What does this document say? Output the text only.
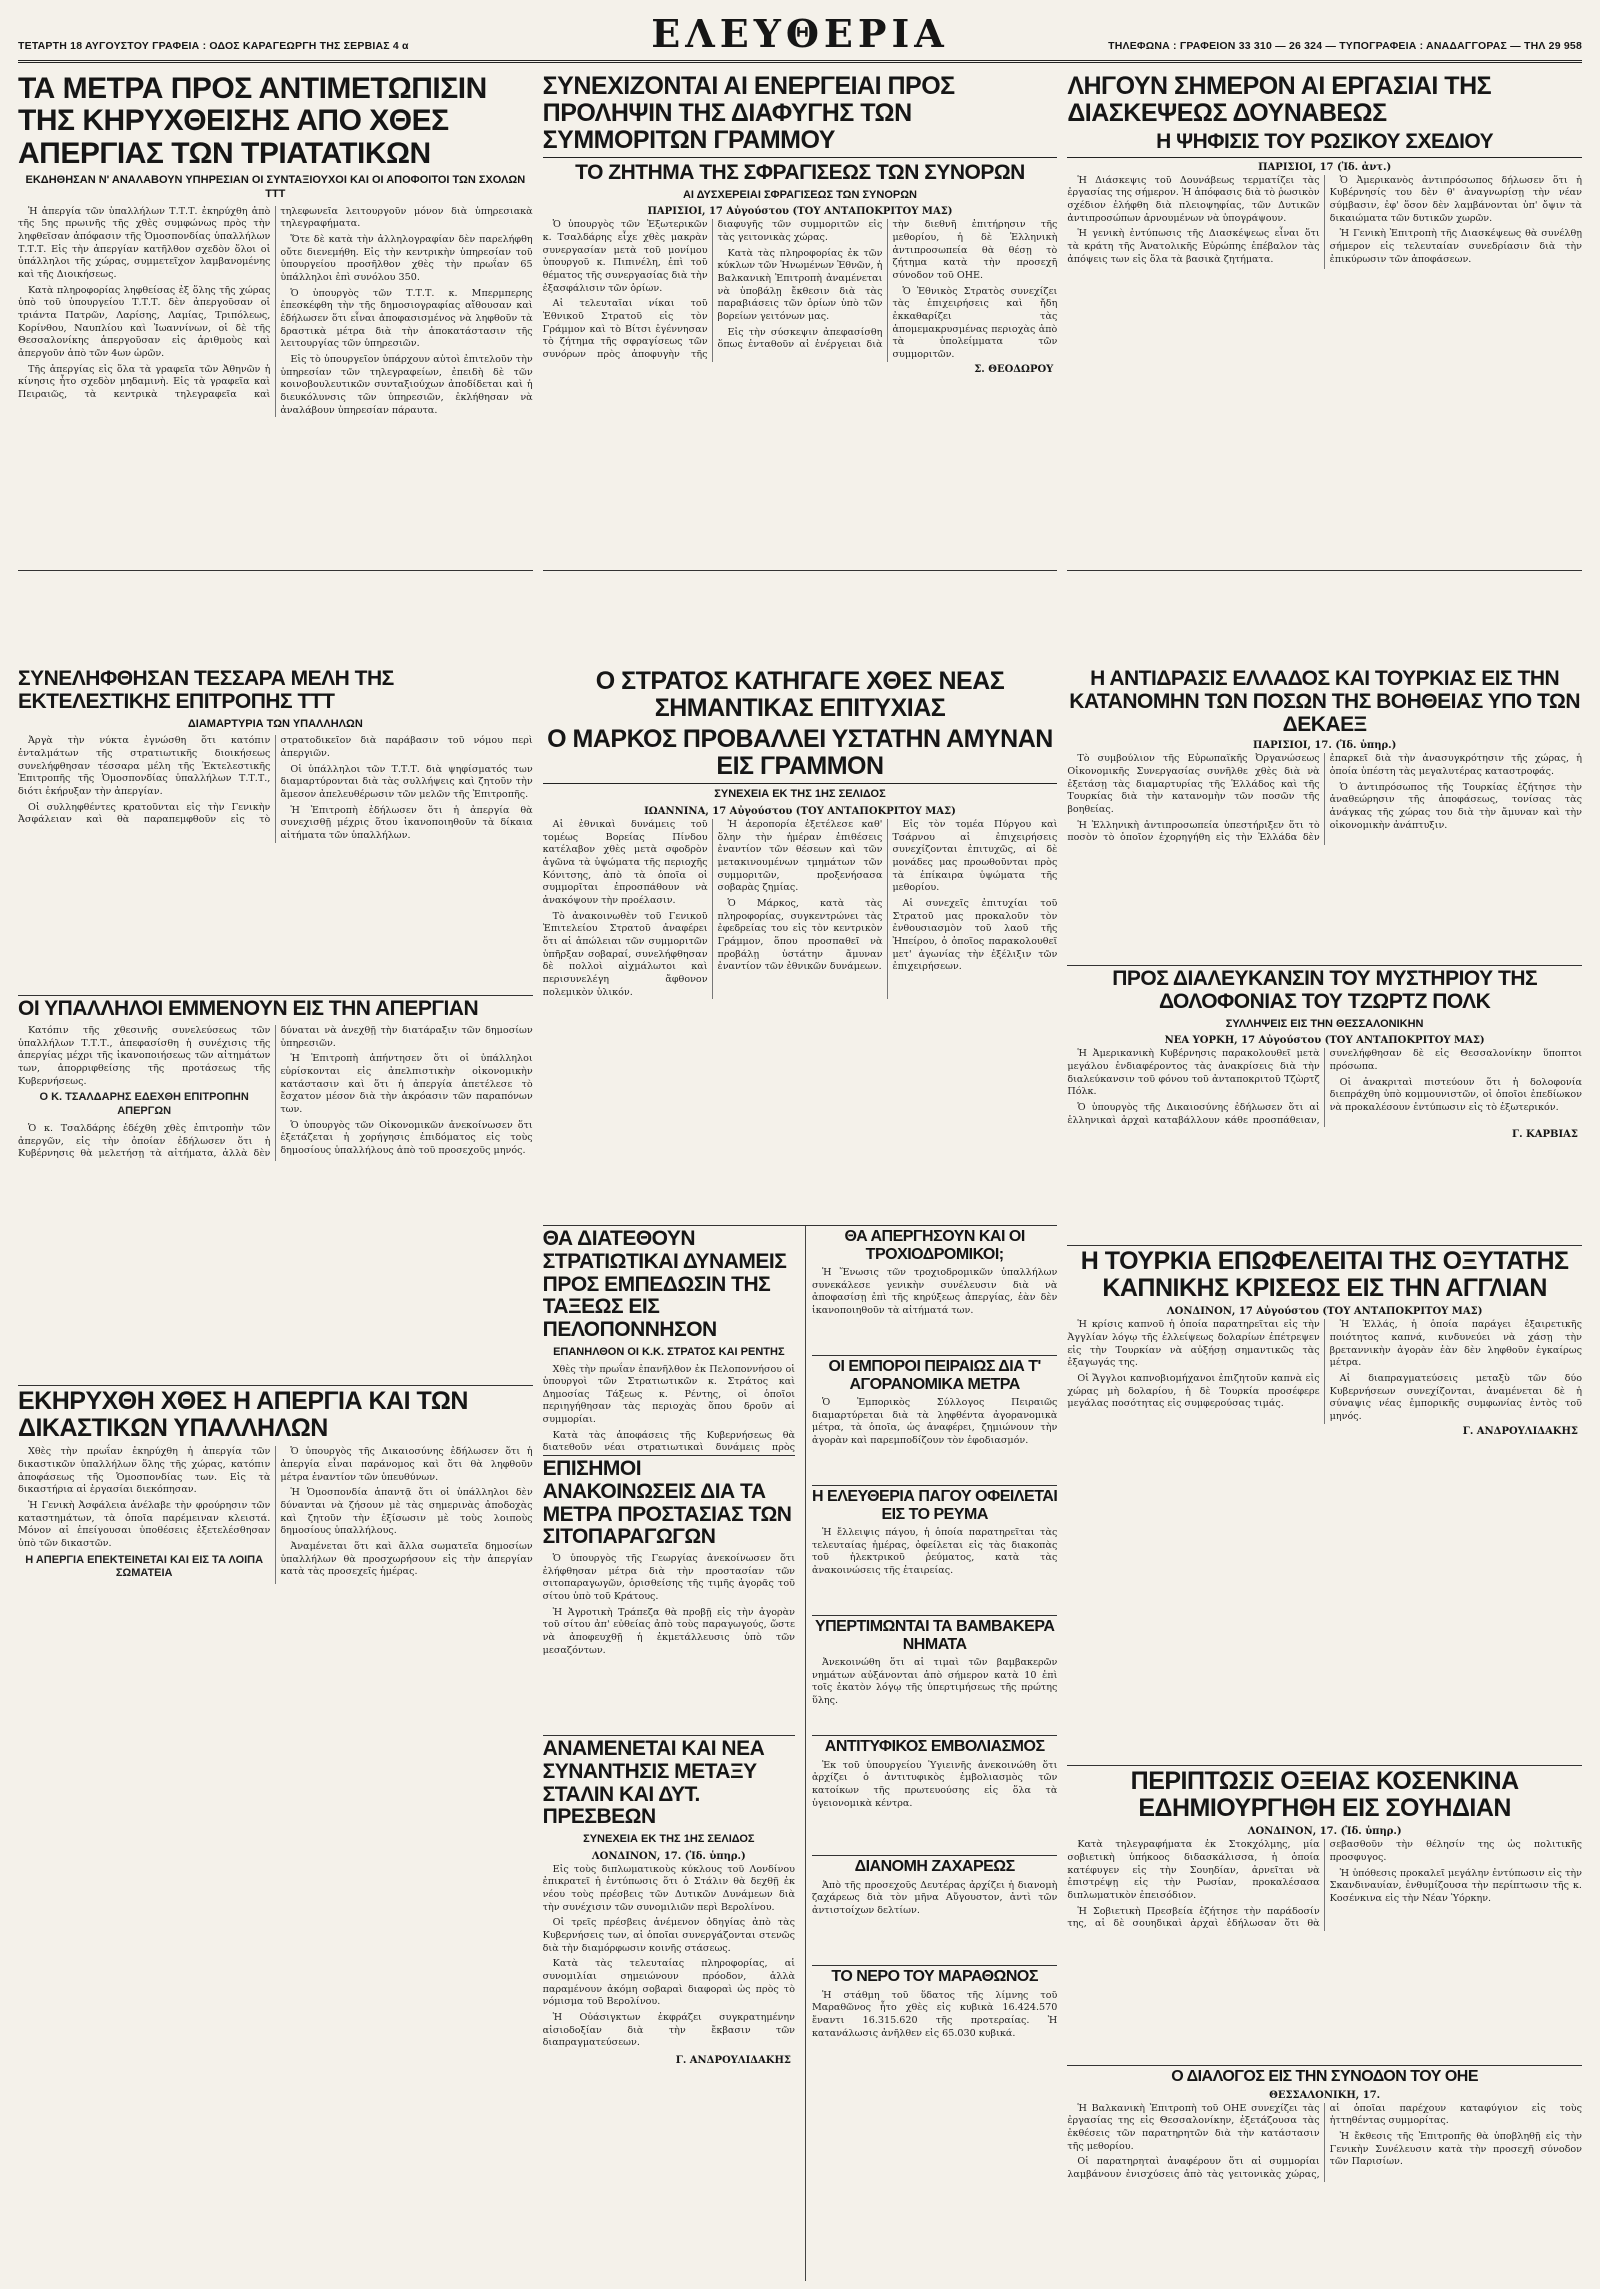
ΤΕΤΑΡΤΗ 18 ΑΥΓΟΥΣΤΟΥ ΓΡΑΦΕΙΑ : ΟΔΟΣ ΚΑΡΑΓΕΩΡΓΗ ΤΗΣ ΣΕΡΒΙΑΣ 4 α	ΕΛΕΥΘΕΡΙΑ	ΤΗΛΕΦΩΝΑ : ΓΡΑΦΕΙΟΝ 33 310 — 26 324 — ΤΥΠΟΓΡΑΦΕΙΑ : ΑΝΑΔΑΓΓΟΡΑΣ — ΤΗΛ 29 958
ΤΑ ΜΕΤΡΑ ΠΡΟΣ ΑΝΤΙΜΕΤΩΠΙΣΙΝ ΤΗΣ ΚΗΡΥΧΘΕΙΣΗΣ ΑΠΟ ΧΘΕΣ ΑΠΕΡΓΙΑΣ ΤΩΝ ΤΡΙΑΤΑΤΙΚΩΝ
ΕΚΔΗΘΗΣΑΝ Ν' ΑΝΑΛΑΒΟΥΝ ΥΠΗΡΕΣΙΑΝ ΟΙ ΣΥΝΤΑΞΙΟΥΧΟΙ ΚΑΙ ΟΙ ΑΠΟΦΟΙΤΟΙ ΤΩΝ ΣΧΟΛΩΝ ΤΤΤ

Ἡ ἀπεργία τῶν ὑπαλλήλων Τ.Τ.Τ. ἐκηρύχθη ἀπὸ τῆς 5ης πρωινῆς τῆς χθὲς συμφώνως πρὸς τὴν ληφθεῖσαν ἀπόφασιν τῆς Ὁμοσπονδίας ὑπαλλήλων Τ.Τ.Τ. Εἰς τὴν ἀπεργίαν κατῆλθον σχεδὸν ὅλοι οἱ ὑπάλληλοι τῆς χώρας, συμμετεῖχον λαμβανομένης καὶ τῆς Διοικήσεως.

Κατὰ πληροφορίας ληφθείσας ἐξ ὅλης τῆς χώρας ὑπὸ τοῦ ὑπουργείου Τ.Τ.Τ. δὲν ἀπεργοῦσαν οἱ τριάντα Πατρῶν, Λαρίσης, Λαμίας, Τριπόλεως, Κορίνθου, Ναυπλίου καὶ Ἰωαννίνων, οἱ δὲ τῆς Θεσσαλονίκης ἀπεργοῦσαν εἰς ἀριθμοὺς καὶ ἀπεργοῦν ἀπὸ τῶν 4ων ὡρῶν.

Τῆς ἀπεργίας εἰς ὅλα τὰ γραφεῖα τῶν Ἀθηνῶν ἡ κίνησις ἦτο σχεδὸν μηδαμινὴ. Εἰς τὰ γραφεῖα καὶ Πειραιῶς, τὰ κεντρικὰ τηλεγραφεῖα καὶ τηλεφωνεῖα λειτουργοῦν μόνον διὰ ὑπηρεσιακὰ τηλεγραφήματα.

Ὅτε δὲ κατὰ τὴν ἀλληλογραφίαν δὲν παρελήφθη οὔτε διενεμήθη. Εἰς τὴν κεντρικὴν ὑπηρεσίαν τοῦ ὑπουργείου προσῆλθον χθὲς τὴν πρωΐαν 65 ὑπάλληλοι ἐπὶ συνόλου 350.

Ὁ ὑπουργὸς τῶν Τ.Τ.Τ. κ. Μπερμπερης ἐπεσκέφθη τὴν τῆς δημοσιογραφίας αἴθουσαν καὶ ἐδήλωσεν ὅτι εἶναι ἀποφασισμένος νὰ ληφθοῦν τὰ δραστικὰ μέτρα διὰ τὴν ἀποκατάστασιν τῆς λειτουργίας τῶν ὑπηρεσιῶν.

Εἰς τὸ ὑπουργεῖον ὑπάρχουν αὐτοὶ ἐπιτελοῦν τὴν ὑπηρεσίαν τῶν τηλεγραφείων, ἐπειδὴ δὲ τῶν κοινοβουλευτικῶν συνταξιούχων ἀποδίδεται καὶ ἡ διευκόλυνσις τῶν ὑπηρεσιῶν, ἐκλήθησαν νὰ ἀναλάβουν ὑπηρεσίαν πάραυτα.

ΣΥΝΕΧΙΖΟΝΤΑΙ ΑΙ ΕΝΕΡΓΕΙΑΙ ΠΡΟΣ ΠΡΟΛΗΨΙΝ ΤΗΣ ΔΙΑΦΥΓΗΣ ΤΩΝ ΣΥΜΜΟΡΙΤΩΝ ΓΡΑΜΜΟΥ
ΤΟ ΖΗΤΗΜΑ ΤΗΣ ΣΦΡΑΓΙΣΕΩΣ ΤΩΝ ΣΥΝΟΡΩΝ
ΑΙ ΔΥΣΧΕΡΕΙΑΙ ΣΦΡΑΓΙΣΕΩΣ ΤΩΝ ΣΥΝΟΡΩΝ
ΠΑΡΙΣΙΟΙ, 17 Αὐγούστου (ΤΟΥ ΑΝΤΑΠΟΚΡΙΤΟΥ ΜΑΣ)

Ὁ ὑπουργὸς τῶν Ἐξωτερικῶν κ. Τσαλδάρης εἶχε χθὲς μακρὰν συνεργασίαν μετὰ τοῦ μονίμου ὑπουργοῦ κ. Πιπινέλη, ἐπὶ τοῦ θέματος τῆς συνεργασίας διὰ τὴν ἐξασφάλισιν τῶν ὁρίων.

Αἱ τελευταῖαι νίκαι τοῦ Ἐθνικοῦ Στρατοῦ εἰς τὸν Γράμμον καὶ τὸ Βίτσι ἐγέννησαν τὸ ζήτημα τῆς σφραγίσεως τῶν συνόρων πρὸς ἀποφυγὴν τῆς διαφυγῆς τῶν συμμοριτῶν εἰς τὰς γειτονικὰς χώρας.

Κατὰ τὰς πληροφορίας ἐκ τῶν κύκλων τῶν Ἡνωμένων Ἐθνῶν, ἡ Βαλκανικὴ Ἐπιτροπὴ ἀναμένεται νὰ ὑποβάλῃ ἔκθεσιν διὰ τὰς παραβιάσεις τῶν ὁρίων ὑπὸ τῶν βορείων γειτόνων μας.

Εἰς τὴν σύσκεψιν ἀπεφασίσθη ὅπως ἐνταθοῦν αἱ ἐνέργειαι διὰ τὴν διεθνῆ ἐπιτήρησιν τῆς μεθορίου, ἡ δὲ Ἑλληνικὴ ἀντιπροσωπεία θὰ θέσῃ τὸ ζήτημα κατὰ τὴν προσεχῆ σύνοδον τοῦ ΟΗΕ.

Ὁ Ἐθνικὸς Στρατὸς συνεχίζει τὰς ἐπιχειρήσεις καὶ ἤδη ἐκκαθαρίζει τὰς ἀπομεμακρυσμένας περιοχὰς ἀπὸ τὰ ὑπολείμματα τῶν συμμοριτῶν.

Σ. ΘΕΟΔΩΡΟΥ
ΛΗΓΟΥΝ ΣΗΜΕΡΟΝ ΑΙ ΕΡΓΑΣΙΑΙ ΤΗΣ ΔΙΑΣΚΕΨΕΩΣ ΔΟΥΝΑΒΕΩΣ
Η ΨΗΦΙΣΙΣ ΤΟΥ ΡΩΣΙΚΟΥ ΣΧΕΔΙΟΥ
ΠΑΡΙΣΙΟΙ, 17 (Ἰδ. ἀντ.)

Ἡ Διάσκεψις τοῦ Δουνάβεως τερματίζει τὰς ἐργασίας της σήμερον. Ἡ ἀπόφασις διὰ τὸ ῥωσικὸν σχέδιον ἐλήφθη διὰ πλειοψηφίας, τῶν Δυτικῶν ἀντιπροσώπων ἀρνουμένων νὰ ὑπογράψουν.

Ἡ γενικὴ ἐντύπωσις τῆς Διασκέψεως εἶναι ὅτι τὰ κράτη τῆς Ἀνατολικῆς Εὐρώπης ἐπέβαλον τὰς ἀπόψεις των εἰς ὅλα τὰ βασικὰ ζητήματα.

Ὁ Ἀμερικανὸς ἀντιπρόσωπος δήλωσεν ὅτι ἡ Κυβέρνησίς του δὲν θ' ἀναγνωρίσῃ τὴν νέαν σύμβασιν, ἐφ' ὅσον δὲν λαμβάνονται ὑπ' ὄψιν τὰ δικαιώματα τῶν δυτικῶν χωρῶν.

Ἡ Γενικὴ Ἐπιτροπὴ τῆς Διασκέψεως θὰ συνέλθῃ σήμερον εἰς τελευταίαν συνεδρίασιν διὰ τὴν ἐπικύρωσιν τῶν ἀποφάσεων.

ΣΥΝΕΛΗΦΘΗΣΑΝ ΤΕΣΣΑΡΑ ΜΕΛΗ ΤΗΣ ΕΚΤΕΛΕΣΤΙΚΗΣ ΕΠΙΤΡΟΠΗΣ ΤΤΤ
ΔΙΑΜΑΡΤΥΡΙΑ ΤΩΝ ΥΠΑΛΛΗΛΩΝ

Ἀργὰ τὴν νύκτα ἐγνώσθη ὅτι κατόπιν ἐνταλμάτων τῆς στρατιωτικῆς διοικήσεως συνελήφθησαν τέσσαρα μέλη τῆς Ἐκτελεστικῆς Ἐπιτροπῆς τῆς Ὁμοσπονδίας ὑπαλλήλων Τ.Τ.Τ., διότι ἐκήρυξαν τὴν ἀπεργίαν.

Οἱ συλληφθέντες κρατοῦνται εἰς τὴν Γενικὴν Ἀσφάλειαν καὶ θὰ παραπεμφθοῦν εἰς τὸ στρατοδικεῖον διὰ παράβασιν τοῦ νόμου περὶ ἀπεργιῶν.

Οἱ ὑπάλληλοι τῶν Τ.Τ.Τ. διὰ ψηφίσματός των διαμαρτύρονται διὰ τὰς συλλήψεις καὶ ζητοῦν τὴν ἄμεσον ἀπελευθέρωσιν τῶν μελῶν τῆς Ἐπιτροπῆς.

Ἡ Ἐπιτροπὴ ἐδήλωσεν ὅτι ἡ ἀπεργία θὰ συνεχισθῇ μέχρις ὅτου ἱκανοποιηθοῦν τὰ δίκαια αἰτήματα τῶν ὑπαλλήλων.

ΟΙ ΥΠΑΛΛΗΛΟΙ ΕΜΜΕΝΟΥΝ ΕΙΣ ΤΗΝ ΑΠΕΡΓΙΑΝ

Κατόπιν τῆς χθεσινῆς συνελεύσεως τῶν ὑπαλλήλων Τ.Τ.Τ., ἀπεφασίσθη ἡ συνέχισις τῆς ἀπεργίας μέχρι τῆς ἱκανοποιήσεως τῶν αἰτημάτων των, ἀπορριφθείσης τῆς προτάσεως τῆς Κυβερνήσεως.

Ο Κ. ΤΣΑΛΔΑΡΗΣ ΕΔΕΧΘΗ ΕΠΙΤΡΟΠΗΝ ΑΠΕΡΓΩΝ

Ὁ κ. Τσαλδάρης ἐδέχθη χθὲς ἐπιτροπὴν τῶν ἀπεργῶν, εἰς τὴν ὁποίαν ἐδήλωσεν ὅτι ἡ Κυβέρνησις θὰ μελετήσῃ τὰ αἰτήματα, ἀλλὰ δὲν δύναται νὰ ἀνεχθῇ τὴν διατάραξιν τῶν δημοσίων ὑπηρεσιῶν.

Ἡ Ἐπιτροπὴ ἀπήντησεν ὅτι οἱ ὑπάλληλοι εὑρίσκονται εἰς ἀπελπιστικὴν οἰκονομικὴν κατάστασιν καὶ ὅτι ἡ ἀπεργία ἀπετέλεσε τὸ ἔσχατον μέσον διὰ τὴν ἀκρόασιν τῶν παραπόνων των.

Ὁ ὑπουργὸς τῶν Οἰκονομικῶν ἀνεκοίνωσεν ὅτι ἐξετάζεται ἡ χορήγησις ἐπιδόματος εἰς τοὺς δημοσίους ὑπαλλήλους ἀπὸ τοῦ προσεχοῦς μηνός.

ΕΚΗΡΥΧΘΗ ΧΘΕΣ Η ΑΠΕΡΓΙΑ ΚΑΙ ΤΩΝ ΔΙΚΑΣΤΙΚΩΝ ΥΠΑΛΛΗΛΩΝ

Χθὲς τὴν πρωΐαν ἐκηρύχθη ἡ ἀπεργία τῶν δικαστικῶν ὑπαλλήλων ὅλης τῆς χώρας, κατόπιν ἀποφάσεως τῆς Ὁμοσπονδίας των. Εἰς τὰ δικαστήρια αἱ ἐργασίαι διεκόπησαν.

Ἡ Γενικὴ Ἀσφάλεια ἀνέλαβε τὴν φρούρησιν τῶν καταστημάτων, τὰ ὁποῖα παρέμειναν κλειστά. Μόνον αἱ ἐπείγουσαι ὑποθέσεις ἐξετελέσθησαν ὑπὸ τῶν δικαστῶν.

Η ΑΠΕΡΓΙΑ ΕΠΕΚΤΕΙΝΕΤΑΙ ΚΑΙ ΕΙΣ ΤΑ ΛΟΙΠΑ ΣΩΜΑΤΕΙΑ

Ὁ ὑπουργὸς τῆς Δικαιοσύνης ἐδήλωσεν ὅτι ἡ ἀπεργία εἶναι παράνομος καὶ ὅτι θὰ ληφθοῦν μέτρα ἐναντίον τῶν ὑπευθύνων.

Ἡ Ὁμοσπονδία ἀπαντᾷ ὅτι οἱ ὑπάλληλοι δὲν δύνανται νὰ ζήσουν μὲ τὰς σημερινὰς ἀποδοχὰς καὶ ζητοῦν τὴν ἐξίσωσιν μὲ τοὺς λοιποὺς δημοσίους ὑπαλλήλους.

Ἀναμένεται ὅτι καὶ ἄλλα σωματεῖα δημοσίων ὑπαλλήλων θὰ προσχωρήσουν εἰς τὴν ἀπεργίαν κατὰ τὰς προσεχεῖς ἡμέρας.

Ο ΣΤΡΑΤΟΣ ΚΑΤΗΓΑΓΕ ΧΘΕΣ ΝΕΑΣ ΣΗΜΑΝΤΙΚΑΣ ΕΠΙΤΥΧΙΑΣ
Ο ΜΑΡΚΟΣ ΠΡΟΒΑΛΛΕΙ ΥΣΤΑΤΗΝ ΑΜΥΝΑΝ ΕΙΣ ΓΡΑΜΜΟΝ
ΣΥΝΕΧΕΙΑ ΕΚ ΤΗΣ 1ΗΣ ΣΕΛΙΔΟΣ
ΙΩΑΝΝΙΝΑ, 17 Αὐγούστου (ΤΟΥ ΑΝΤΑΠΟΚΡΙΤΟΥ ΜΑΣ)

Αἱ ἐθνικαὶ δυνάμεις τοῦ τομέως Βορείας Πίνδου κατέλαβον χθὲς μετὰ σφοδρὸν ἀγῶνα τὰ ὑψώματα τῆς περιοχῆς Κόνιτσης, ἀπὸ τὰ ὁποῖα οἱ συμμορῖται ἐπροσπάθουν νὰ ἀνακόψουν τὴν προέλασιν.

Τὸ ἀνακοινωθὲν τοῦ Γενικοῦ Ἐπιτελείου Στρατοῦ ἀναφέρει ὅτι αἱ ἀπώλειαι τῶν συμμοριτῶν ὑπῆρξαν σοβαραί, συνελήφθησαν δὲ πολλοὶ αἰχμάλωτοι καὶ περισυνελέγη ἄφθονον πολεμικὸν ὑλικόν.

Ἡ ἀεροπορία ἐξετέλεσε καθ' ὅλην τὴν ἡμέραν ἐπιθέσεις ἐναντίον τῶν θέσεων καὶ τῶν μετακινουμένων τμημάτων τῶν συμμοριτῶν, προξενήσασα σοβαρὰς ζημίας.

Ὁ Μάρκος, κατὰ τὰς πληροφορίας, συγκεντρώνει τὰς ἐφεδρείας του εἰς τὸν κεντρικὸν Γράμμον, ὅπου προσπαθεῖ νὰ προβάλῃ ὑστάτην ἄμυναν ἐναντίον τῶν ἐθνικῶν δυνάμεων.

Εἰς τὸν τομέα Πύργου καὶ Τσάρνου αἱ ἐπιχειρήσεις συνεχίζονται ἐπιτυχῶς, αἱ δὲ μονάδες μας προωθοῦνται πρὸς τὰ ἐπίκαιρα ὑψώματα τῆς μεθορίου.

Αἱ συνεχεῖς ἐπιτυχίαι τοῦ Στρατοῦ μας προκαλοῦν τὸν ἐνθουσιασμὸν τοῦ λαοῦ τῆς Ἠπείρου, ὁ ὁποῖος παρακολουθεῖ μετ' ἀγωνίας τὴν ἐξέλιξιν τῶν ἐπιχειρήσεων.

ΘΑ ΔΙΑΤΕΘΟΥΝ ΣΤΡΑΤΙΩΤΙΚΑΙ ΔΥΝΑΜΕΙΣ ΠΡΟΣ ΕΜΠΕΔΩΣΙΝ ΤΗΣ ΤΑΞΕΩΣ ΕΙΣ ΠΕΛΟΠΟΝΝΗΣΟΝ
ΕΠΑΝΗΛΘΟΝ ΟΙ Κ.Κ. ΣΤΡΑΤΟΣ ΚΑΙ ΡΕΝΤΗΣ

Χθὲς τὴν πρωΐαν ἐπανῆλθον ἐκ Πελοποννήσου οἱ ὑπουργοὶ τῶν Στρατιωτικῶν κ. Στράτος καὶ Δημοσίας Τάξεως κ. Ρέντης, οἱ ὁποῖοι περιηγήθησαν τὰς περιοχὰς ὅπου δροῦν αἱ συμμορίαι.

Κατὰ τὰς ἀποφάσεις τῆς Κυβερνήσεως θὰ διατεθοῦν νέαι στρατιωτικαὶ δυνάμεις πρὸς

ΕΠΙΣΗΜΟΙ ΑΝΑΚΟΙΝΩΣΕΙΣ ΔΙΑ ΤΑ ΜΕΤΡΑ ΠΡΟΣΤΑΣΙΑΣ ΤΩΝ ΣΙΤΟΠΑΡΑΓΩΓΩΝ

Ὁ ὑπουργὸς τῆς Γεωργίας ἀνεκοίνωσεν ὅτι ἐλήφθησαν μέτρα διὰ τὴν προστασίαν τῶν σιτοπαραγωγῶν, ὁρισθείσης τῆς τιμῆς ἀγορᾶς τοῦ σίτου ὑπὸ τοῦ Κράτους.

Ἡ Ἀγροτικὴ Τράπεζα θὰ προβῇ εἰς τὴν ἀγορὰν τοῦ σίτου ἀπ' εὐθείας ἀπὸ τοὺς παραγωγούς, ὥστε νὰ ἀποφευχθῇ ἡ ἐκμετάλλευσις ὑπὸ τῶν μεσαζόντων.

ΑΝΑΜΕΝΕΤΑΙ ΚΑΙ ΝΕΑ ΣΥΝΑΝΤΗΣΙΣ ΜΕΤΑΞΥ ΣΤΑΛΙΝ ΚΑΙ ΔΥΤ. ΠΡΕΣΒΕΩΝ
ΣΥΝΕΧΕΙΑ ΕΚ ΤΗΣ 1ΗΣ ΣΕΛΙΔΟΣ
ΛΟΝΔΙΝΟΝ, 17. (Ἰδ. ὑπηρ.)

Εἰς τοὺς διπλωματικοὺς κύκλους τοῦ Λονδίνου ἐπικρατεῖ ἡ ἐντύπωσις ὅτι ὁ Στάλιν θὰ δεχθῇ ἐκ νέου τοὺς πρέσβεις τῶν Δυτικῶν Δυνάμεων διὰ τὴν συνέχισιν τῶν συνομιλιῶν περὶ Βερολίνου.

Οἱ τρεῖς πρέσβεις ἀνέμενον ὁδηγίας ἀπὸ τὰς Κυβερνήσεις των, αἱ ὁποῖαι συνεργάζονται στενῶς διὰ τὴν διαμόρφωσιν κοινῆς στάσεως.

Κατὰ τὰς τελευταίας πληροφορίας, αἱ συνομιλίαι σημειώνουν πρόοδον, ἀλλὰ παραμένουν ἀκόμη σοβαραὶ διαφοραὶ ὡς πρὸς τὸ νόμισμα τοῦ Βερολίνου.

Ἡ Οὐάσιγκτων ἐκφράζει συγκρατημένην αἰσιοδοξίαν διὰ τὴν ἔκβασιν τῶν διαπραγματεύσεων.

Γ. ΑΝΔΡΟΥΛΙΔΑΚΗΣ
ΘΑ ΑΠΕΡΓΗΣΟΥΝ ΚΑΙ ΟΙ ΤΡΟΧΙΟΔΡΟΜΙΚΟΙ;

Ἡ Ἕνωσις τῶν τροχιοδρομικῶν ὑπαλλήλων συνεκάλεσε γενικὴν συνέλευσιν διὰ νὰ ἀποφασίσῃ ἐπὶ τῆς κηρύξεως ἀπεργίας, ἐὰν δὲν ἱκανοποιηθοῦν τὰ αἰτήματά των.

ΟΙ ΕΜΠΟΡΟΙ ΠΕΙΡΑΙΩΣ ΔΙΑ Τ' ΑΓΟΡΑΝΟΜΙΚΑ ΜΕΤΡΑ

Ὁ Ἐμπορικὸς Σύλλογος Πειραιῶς διαμαρτύρεται διὰ τὰ ληφθέντα ἀγορανομικὰ μέτρα, τὰ ὁποῖα, ὡς ἀναφέρει, ζημιώνουν τὴν ἀγορὰν καὶ παρεμποδίζουν τὸν ἐφοδιασμόν.

Η ΕΛΕΥΘΕΡΙΑ ΠΑΓΟΥ ΟΦΕΙΛΕΤΑΙ ΕΙΣ ΤΟ ΡΕΥΜΑ

Ἡ ἔλλειψις πάγου, ἡ ὁποία παρατηρεῖται τὰς τελευταίας ἡμέρας, ὀφείλεται εἰς τὰς διακοπὰς τοῦ ἠλεκτρικοῦ ῥεύματος, κατὰ τὰς ἀνακοινώσεις τῆς ἑταιρείας.

ΥΠΕΡΤΙΜΩΝΤΑΙ ΤΑ ΒΑΜΒΑΚΕΡΑ ΝΗΜΑΤΑ

Ἀνεκοινώθη ὅτι αἱ τιμαὶ τῶν βαμβακερῶν νημάτων αὐξάνονται ἀπὸ σήμερον κατὰ 10 ἐπὶ τοῖς ἑκατὸν λόγῳ τῆς ὑπερτιμήσεως τῆς πρώτης ὕλης.

ΑΝΤΙΤΥΦΙΚΟΣ ΕΜΒΟΛΙΑΣΜΟΣ

Ἐκ τοῦ ὑπουργείου Ὑγιεινῆς ἀνεκοινώθη ὅτι ἀρχίζει ὁ ἀντιτυφικὸς ἐμβολιασμὸς τῶν κατοίκων τῆς πρωτευούσης εἰς ὅλα τὰ ὑγειονομικὰ κέντρα.

ΔΙΑΝΟΜΗ ΖΑΧΑΡΕΩΣ

Ἀπὸ τῆς προσεχοῦς Δευτέρας ἀρχίζει ἡ διανομὴ ζαχάρεως διὰ τὸν μῆνα Αὔγουστον, ἀντὶ τῶν ἀντιστοίχων δελτίων.

ΤΟ ΝΕΡΟ ΤΟΥ ΜΑΡΑΘΩΝΟΣ

Ἡ στάθμη τοῦ ὕδατος τῆς λίμνης τοῦ Μαραθῶνος ἦτο χθὲς εἰς κυβικὰ 16.424.570 ἔναντι 16.315.620 τῆς προτεραίας. Ἡ κατανάλωσις ἀνῆλθεν εἰς 65.030 κυβικά.

Η ΑΝΤΙΔΡΑΣΙΣ ΕΛΛΑΔΟΣ ΚΑΙ ΤΟΥΡΚΙΑΣ ΕΙΣ ΤΗΝ ΚΑΤΑΝΟΜΗΝ ΤΩΝ ΠΟΣΩΝ ΤΗΣ ΒΟΗΘΕΙΑΣ ΥΠΟ ΤΩΝ ΔΕΚΑΕΞ
ΠΑΡΙΣΙΟΙ, 17. (Ἰδ. ὑπηρ.)

Τὸ συμβούλιον τῆς Εὐρωπαϊκῆς Ὀργανώσεως Οἰκονομικῆς Συνεργασίας συνῆλθε χθὲς διὰ νὰ ἐξετάσῃ τὰς διαμαρτυρίας τῆς Ἑλλάδος καὶ τῆς Τουρκίας διὰ τὴν κατανομὴν τῶν ποσῶν τῆς βοηθείας.

Ἡ Ἑλληνικὴ ἀντιπροσωπεία ὑπεστήριξεν ὅτι τὸ ποσὸν τὸ ὁποῖον ἐχορηγήθη εἰς τὴν Ἑλλάδα δὲν ἐπαρκεῖ διὰ τὴν ἀνασυγκρότησιν τῆς χώρας, ἡ ὁποία ὑπέστη τὰς μεγαλυτέρας καταστροφάς.

Ὁ ἀντιπρόσωπος τῆς Τουρκίας ἐζήτησε τὴν ἀναθεώρησιν τῆς ἀποφάσεως, τονίσας τὰς ἀνάγκας τῆς χώρας του διὰ τὴν ἄμυναν καὶ τὴν οἰκονομικὴν ἀνάπτυξιν.

ΠΡΟΣ ΔΙΑΛΕΥΚΑΝΣΙΝ ΤΟΥ ΜΥΣΤΗΡΙΟΥ ΤΗΣ ΔΟΛΟΦΟΝΙΑΣ ΤΟΥ ΤΖΩΡΤΖ ΠΟΛΚ
ΣΥΛΛΗΨΕΙΣ ΕΙΣ ΤΗΝ ΘΕΣΣΑΛΟΝΙΚΗΝ
ΝΕΑ ΥΟΡΚΗ, 17 Αὐγούστου (ΤΟΥ ΑΝΤΑΠΟΚΡΙΤΟΥ ΜΑΣ)

Ἡ Ἀμερικανικὴ Κυβέρνησις παρακολουθεῖ μετὰ μεγάλου ἐνδιαφέροντος τὰς ἀνακρίσεις διὰ τὴν διαλεύκανσιν τοῦ φόνου τοῦ ἀνταποκριτοῦ Τζὼρτζ Πόλκ.

Ὁ ὑπουργὸς τῆς Δικαιοσύνης ἐδήλωσεν ὅτι αἱ ἑλληνικαὶ ἀρχαὶ καταβάλλουν κάθε προσπάθειαν, συνελήφθησαν δὲ εἰς Θεσσαλονίκην ὕποπτοι πρόσωπα.

Οἱ ἀνακριταὶ πιστεύουν ὅτι ἡ δολοφονία διεπράχθη ὑπὸ κομμουνιστῶν, οἱ ὁποῖοι ἐπεδίωκον νὰ προκαλέσουν ἐντύπωσιν εἰς τὸ ἐξωτερικόν.

Γ. ΚΑΡΒΙΑΣ
Η ΤΟΥΡΚΙΑ ΕΠΩΦΕΛΕΙΤΑΙ ΤΗΣ ΟΞΥΤΑΤΗΣ ΚΑΠΝΙΚΗΣ ΚΡΙΣΕΩΣ ΕΙΣ ΤΗΝ ΑΓΓΛΙΑΝ
ΛΟΝΔΙΝΟΝ, 17 Αὐγούστου (ΤΟΥ ΑΝΤΑΠΟΚΡΙΤΟΥ ΜΑΣ)

Ἡ κρίσις καπνοῦ ἡ ὁποία παρατηρεῖται εἰς τὴν Ἀγγλίαν λόγῳ τῆς ἐλλείψεως δολαρίων ἐπέτρεψεν εἰς τὴν Τουρκίαν νὰ αὐξήσῃ σημαντικῶς τὰς ἐξαγωγάς της.

Οἱ Ἄγγλοι καπνοβιομήχανοι ἐπιζητοῦν καπνὰ εἰς χώρας μὴ δολαρίου, ἡ δὲ Τουρκία προσέφερε μεγάλας ποσότητας εἰς συμφερούσας τιμάς.

Ἡ Ἑλλάς, ἡ ὁποία παράγει ἐξαιρετικῆς ποιότητος καπνά, κινδυνεύει νὰ χάσῃ τὴν βρεταννικὴν ἀγορὰν ἐὰν δὲν ληφθοῦν ἐγκαίρως μέτρα.

Αἱ διαπραγματεύσεις μεταξὺ τῶν δύο Κυβερνήσεων συνεχίζονται, ἀναμένεται δὲ ἡ σύναψις νέας ἐμπορικῆς συμφωνίας ἐντὸς τοῦ μηνός.

Γ. ΑΝΔΡΟΥΛΙΔΑΚΗΣ
ΠΕΡΙΠΤΩΣΙΣ ΟΞΕΙΑΣ ΚΟΣΕΝΚΙΝΑ ΕΔΗΜΙΟΥΡΓΗΘΗ ΕΙΣ ΣΟΥΗΔΙΑΝ
ΛΟΝΔΙΝΟΝ, 17. (Ἰδ. ὑπηρ.)

Κατὰ τηλεγραφήματα ἐκ Στοκχόλμης, μία σοβιετικὴ ὑπήκοος διδασκάλισσα, ἡ ὁποία κατέφυγεν εἰς τὴν Σουηδίαν, ἀρνεῖται νὰ ἐπιστρέψῃ εἰς τὴν Ρωσίαν, προκαλέσασα διπλωματικὸν ἐπεισόδιον.

Ἡ Σοβιετικὴ Πρεσβεία ἐζήτησε τὴν παράδοσίν της, αἱ δὲ σουηδικαὶ ἀρχαὶ ἐδήλωσαν ὅτι θὰ σεβασθοῦν τὴν θέλησίν της ὡς πολιτικῆς προσφυγος.

Ἡ ὑπόθεσις προκαλεῖ μεγάλην ἐντύπωσιν εἰς τὴν Σκανδιναυίαν, ἐνθυμίζουσα τὴν περίπτωσιν τῆς κ. Κοσένκινα εἰς τὴν Νέαν Ὑόρκην.

Ο ΔΙΑΛΟΓΟΣ ΕΙΣ ΤΗΝ ΣΥΝΟΔΟΝ ΤΟΥ ΟΗΕ
ΘΕΣΣΑΛΟΝΙΚΗ, 17.

Ἡ Βαλκανικὴ Ἐπιτροπὴ τοῦ ΟΗΕ συνεχίζει τὰς ἐργασίας της εἰς Θεσσαλονίκην, ἐξετάζουσα τὰς ἐκθέσεις τῶν παρατηρητῶν διὰ τὴν κατάστασιν τῆς μεθορίου.

Οἱ παρατηρηταὶ ἀναφέρουν ὅτι αἱ συμμορίαι λαμβάνουν ἐνισχύσεις ἀπὸ τὰς γειτονικὰς χώρας, αἱ ὁποῖαι παρέχουν καταφύγιον εἰς τοὺς ἡττηθέντας συμμορίτας.

Ἡ ἔκθεσις τῆς Ἐπιτροπῆς θὰ ὑποβληθῇ εἰς τὴν Γενικὴν Συνέλευσιν κατὰ τὴν προσεχῆ σύνοδον τῶν Παρισίων.
